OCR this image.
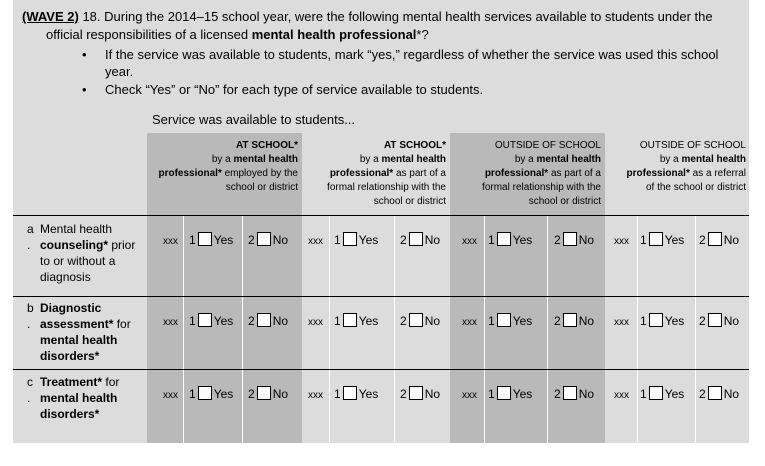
(WAVE 2) 18. During the 2014–15 school year, were the following mental health services available to students under the
official responsibilities of a licensed mental health professional*?
• If the service was available to students, mark “yes,” regardless of whether the service was used this school year.
• Check “Yes” or “No” for each type of service available to students.
Service was available to students...
AT SCHOOL*
by a mental health
professional* employed by the
school or district
AT SCHOOL*
by a mental health
professional* as part of a
formal relationship with the
school or district
OUTSIDE OF SCHOOL
by a mental health
professional* as part of a
formal relationship with the
school or district
OUTSIDE OF SCHOOL
by a mental health
professional* as a referral
of the school or district
a
.
Mental health
counseling* prior
to or without a
diagnosis
b
.
Diagnostic
assessment* for
mental health
disorders*
c
.
Treatment* for
mental health
disorders*
xxx 1 Yes 2 No xxx 1 Yes 2 No xxx 1 Yes 2 No xxx 1 Yes 2 No
xxx 1 Yes 2 No xxx 1 Yes 2 No xxx 1 Yes 2 No xxx 1 Yes 2 No
xxx 1 Yes 2 No xxx 1 Yes 2 No xxx 1 Yes 2 No xxx 1 Yes 2 No
